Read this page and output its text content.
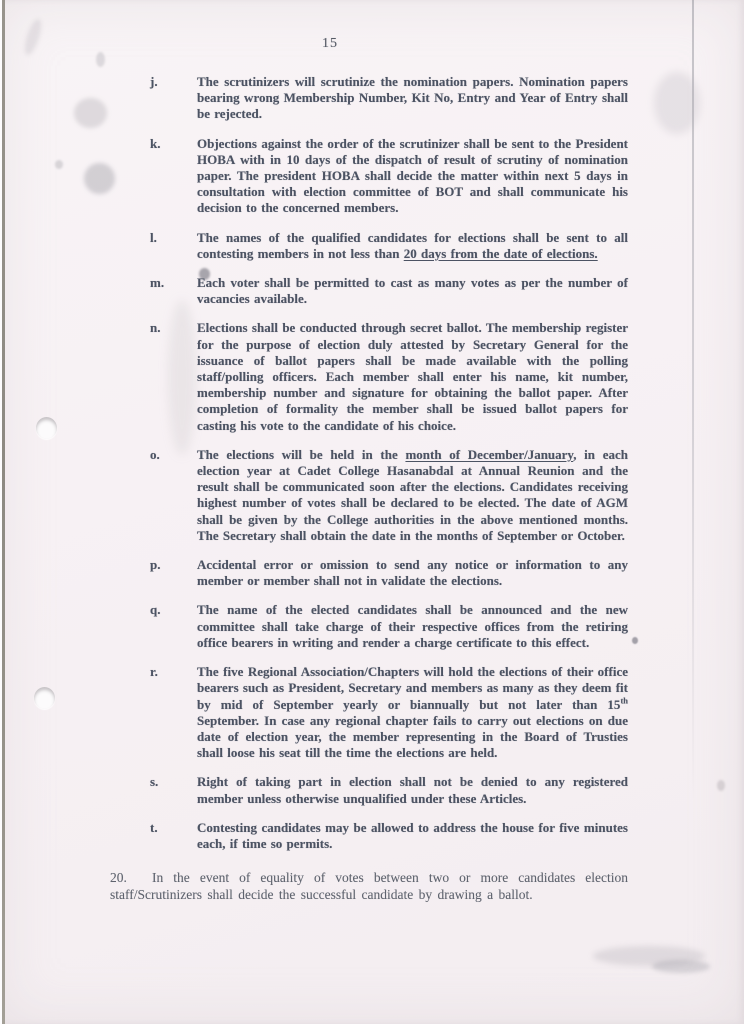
15
j.	The scrutinizers will scrutinize the nomination papers. Nomination papers bearing wrong Membership Number, Kit No, Entry and Year of Entry shall be rejected.
k.	Objections against the order of the scrutinizer shall be sent to the President HOBA with in 10 days of the dispatch of result of scrutiny of nomination paper. The president HOBA shall decide the matter within next 5 days in consultation with election committee of BOT and shall communicate his decision to the concerned members.
l.	The names of the qualified candidates for elections shall be sent to all contesting members in not less than 20 days from the date of elections.
m.	Each voter shall be permitted to cast as many votes as per the number of vacancies available.
n.	Elections shall be conducted through secret ballot. The membership register for the purpose of election duly attested by Secretary General for the issuance of ballot papers shall be made available with the polling staff/polling officers. Each member shall enter his name, kit number, membership number and signature for obtaining the ballot paper. After completion of formality the member shall be issued ballot papers for casting his vote to the candidate of his choice.
o.	The elections will be held in the month of December/January, in each election year at Cadet College Hasanabdal at Annual Reunion and the result shall be communicated soon after the elections. Candidates receiving highest number of votes shall be declared to be elected. The date of AGM shall be given by the College authorities in the above mentioned months. The Secretary shall obtain the date in the months of September or October.
p.	Accidental error or omission to send any notice or information to any member or member shall not in validate the elections.
q.	The name of the elected candidates shall be announced and the new committee shall take charge of their respective offices from the retiring office bearers in writing and render a charge certificate to this effect.
r.	The five Regional Association/Chapters will hold the elections of their office bearers such as President, Secretary and members as many as they deem fit by mid of September yearly or biannually but not later than 15th September. In case any regional chapter fails to carry out elections on due date of election year, the member representing in the Board of Trusties shall loose his seat till the time the elections are held.
s.	Right of taking part in election shall not be denied to any registered member unless otherwise unqualified under these Articles.
t.	Contesting candidates may be allowed to address the house for five minutes each, if time so permits.

20. In the event of equality of votes between two or more candidates election staff/Scrutinizers shall decide the successful candidate by drawing a ballot.
